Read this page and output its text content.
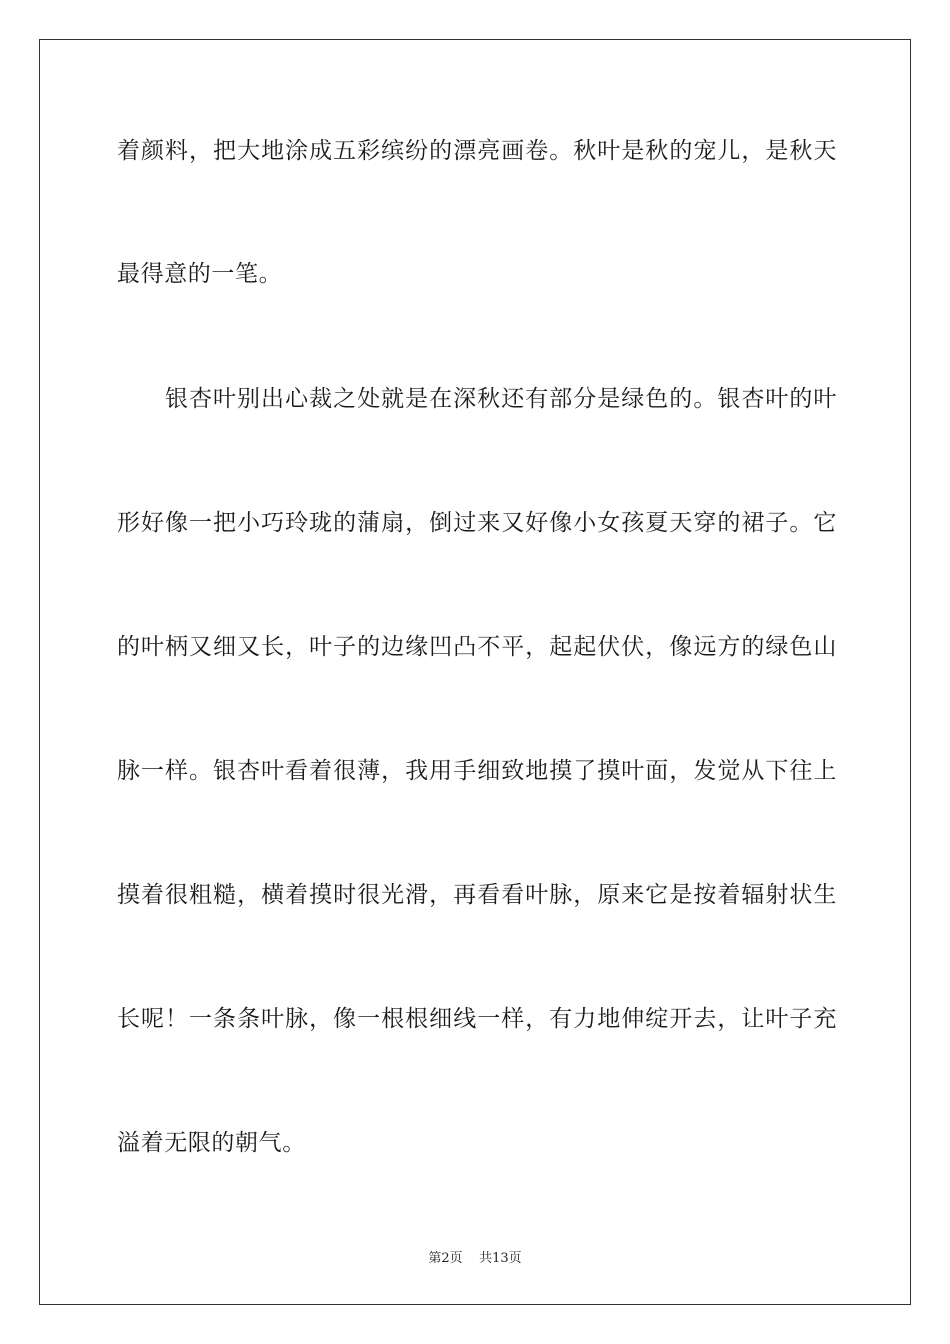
着颜料，把大地涂成五彩缤纷的漂亮画卷。秋叶是秋的宠儿，是秋天
最得意的一笔。
银杏叶别出心裁之处就是在深秋还有部分是绿色的。银杏叶的叶
形好像一把小巧玲珑的蒲扇，倒过来又好像小女孩夏天穿的裙子。它
的叶柄又细又长，叶子的边缘凹凸不平，起起伏伏，像远方的绿色山
脉一样。银杏叶看着很薄，我用手细致地摸了摸叶面，发觉从下往上
摸着很粗糙，横着摸时很光滑，再看看叶脉，原来它是按着辐射状生
长呢！一条条叶脉，像一根根细线一样，有力地伸绽开去，让叶子充
溢着无限的朝气。
第2页 共13页
